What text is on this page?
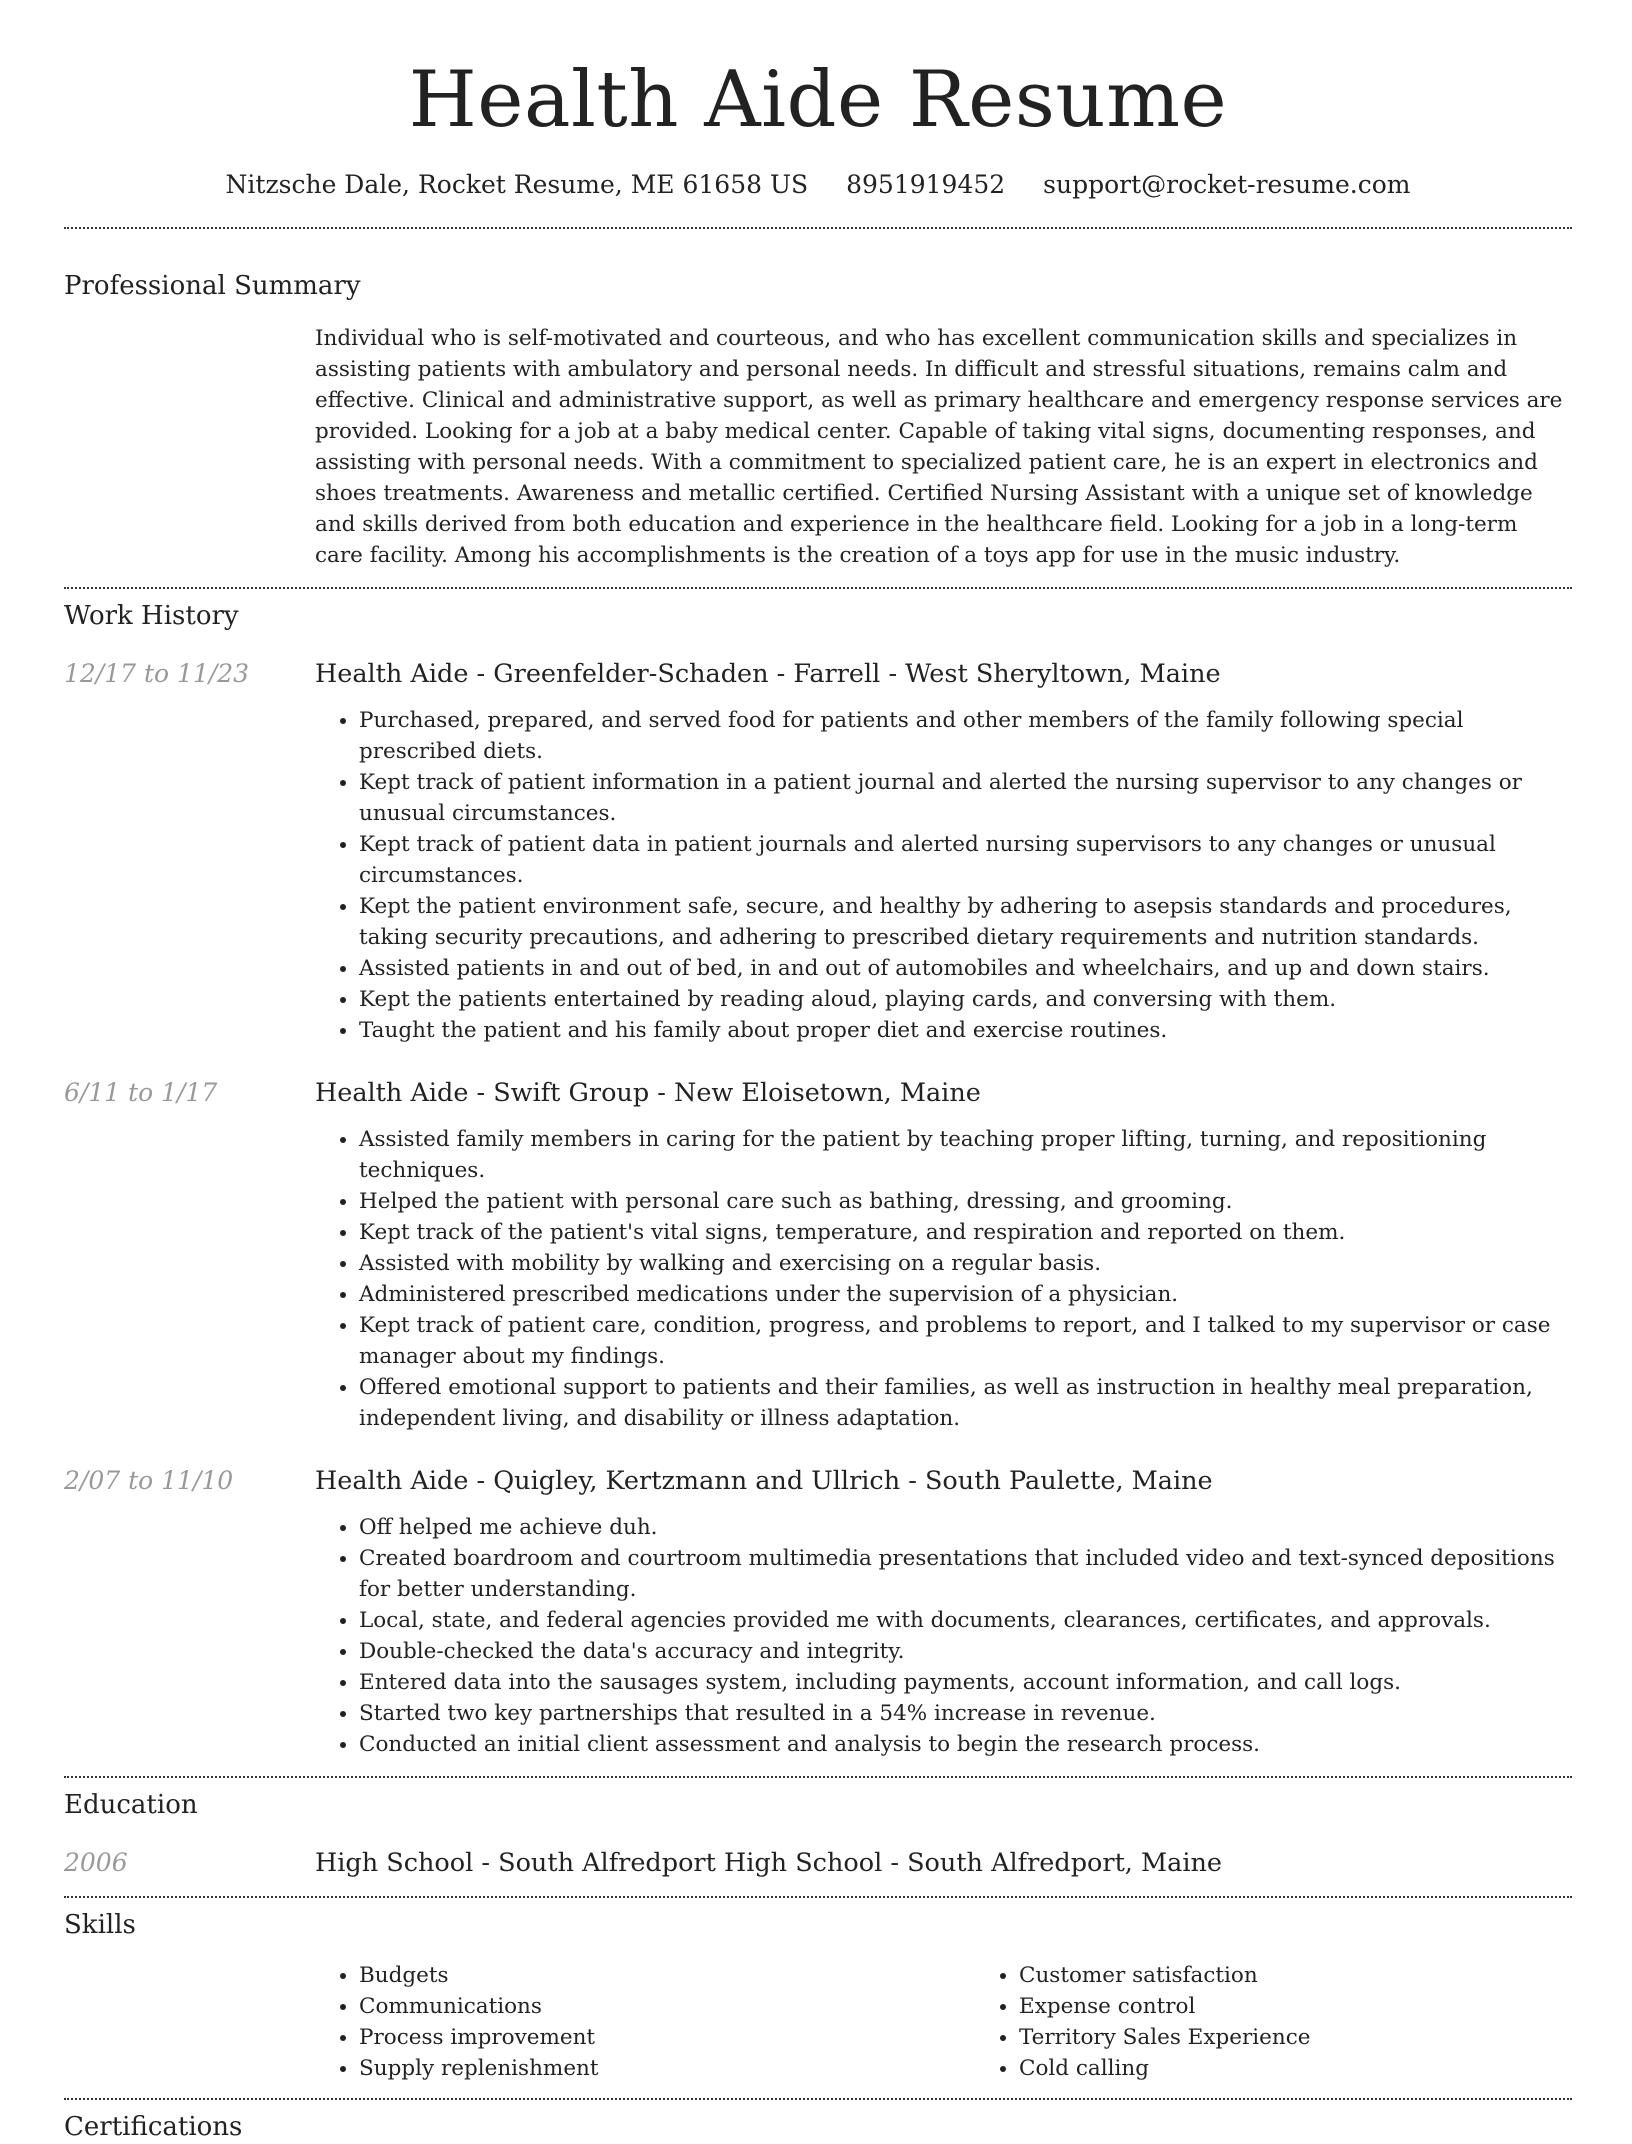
Health Aide Resume
Nitzsche Dale, Rocket Resume, ME 61658 US 8951919452 support@rocket-resume.com
Professional Summary

Individual who is self-motivated and courteous, and who has excellent communication skills and specializes in assisting patients with ambulatory and personal needs. In difficult and stressful situations, remains calm and effective. Clinical and administrative support, as well as primary healthcare and emergency response services are provided. Looking for a job at a baby medical center. Capable of taking vital signs, documenting responses, and assisting with personal needs. With a commitment to specialized patient care, he is an expert in electronics and shoes treatments. Awareness and metallic certified. Certified Nursing Assistant with a unique set of knowledge and skills derived from both education and experience in the healthcare field. Looking for a job in a long-term care facility. Among his accomplishments is the creation of a toys app for use in the music industry.

Work History
12/17 to 11/23	Health Aide - Greenfelder-Schaden - Farrell - West Sheryltown, Maine

• Purchased, prepared, and served food for patients and other members of the family following special prescribed diets.
• Kept track of patient information in a patient journal and alerted the nursing supervisor to any changes or unusual circumstances.
• Kept track of patient data in patient journals and alerted nursing supervisors to any changes or unusual circumstances.
• Kept the patient environment safe, secure, and healthy by adhering to asepsis standards and procedures, taking security precautions, and adhering to prescribed dietary requirements and nutrition standards.
• Assisted patients in and out of bed, in and out of automobiles and wheelchairs, and up and down stairs.
• Kept the patients entertained by reading aloud, playing cards, and conversing with them.
• Taught the patient and his family about proper diet and exercise routines.
6/11 to 1/17	Health Aide - Swift Group - New Eloisetown, Maine

• Assisted family members in caring for the patient by teaching proper lifting, turning, and repositioning techniques.
• Helped the patient with personal care such as bathing, dressing, and grooming.
• Kept track of the patient's vital signs, temperature, and respiration and reported on them.
• Assisted with mobility by walking and exercising on a regular basis.
• Administered prescribed medications under the supervision of a physician.
• Kept track of patient care, condition, progress, and problems to report, and I talked to my supervisor or case manager about my findings.
• Offered emotional support to patients and their families, as well as instruction in healthy meal preparation, independent living, and disability or illness adaptation.
2/07 to 11/10	Health Aide - Quigley, Kertzmann and Ullrich - South Paulette, Maine

• Off helped me achieve duh.
• Created boardroom and courtroom multimedia presentations that included video and text-synced depositions for better understanding.
• Local, state, and federal agencies provided me with documents, clearances, certificates, and approvals.
• Double-checked the data's accuracy and integrity.
• Entered data into the sausages system, including payments, account information, and call logs.
• Started two key partnerships that resulted in a 54% increase in revenue.
• Conducted an initial client assessment and analysis to begin the research process.
Education
2006	High School - South Alfredport High School - South Alfredport, Maine

Skills
• Budgets
• Communications
• Process improvement
• Supply replenishment
• Customer satisfaction
• Expense control
• Territory Sales Experience
• Cold calling
Certifications
